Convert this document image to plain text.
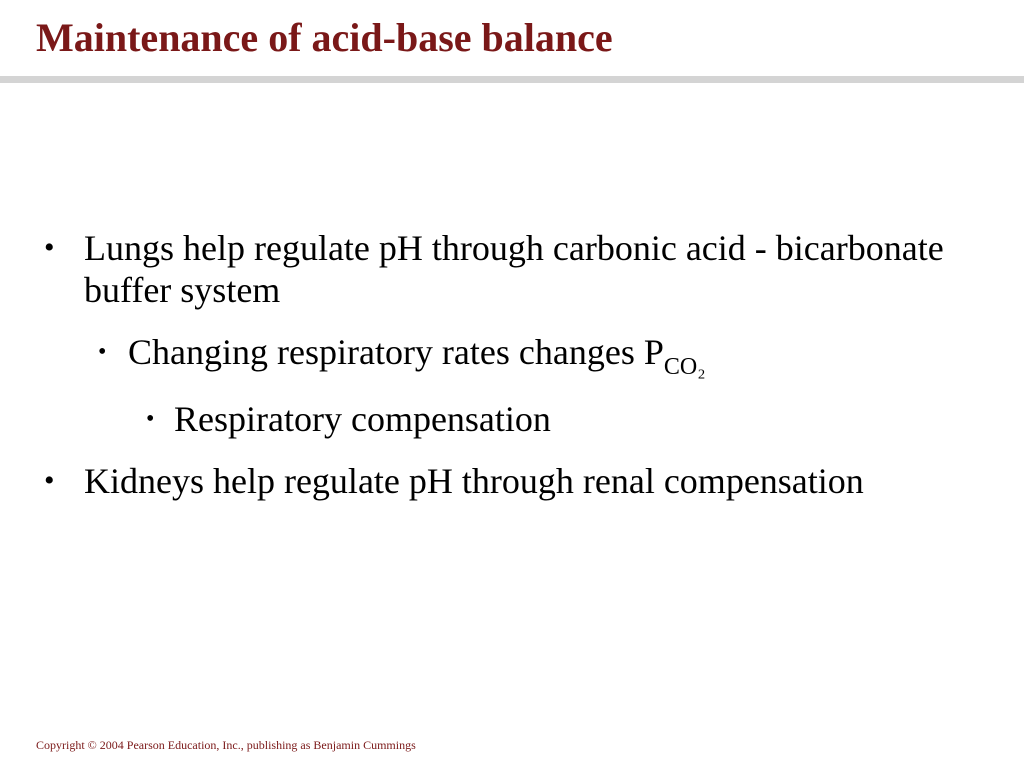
Maintenance of acid-base balance
• Lungs help regulate pH through carbonic acid - bicarbonate buffer system
• Changing respiratory rates changes $P_{CO_2}$
• Respiratory compensation
• Kidneys help regulate pH through renal compensation
Copyright © 2004 Pearson Education, Inc., publishing as Benjamin Cummings
